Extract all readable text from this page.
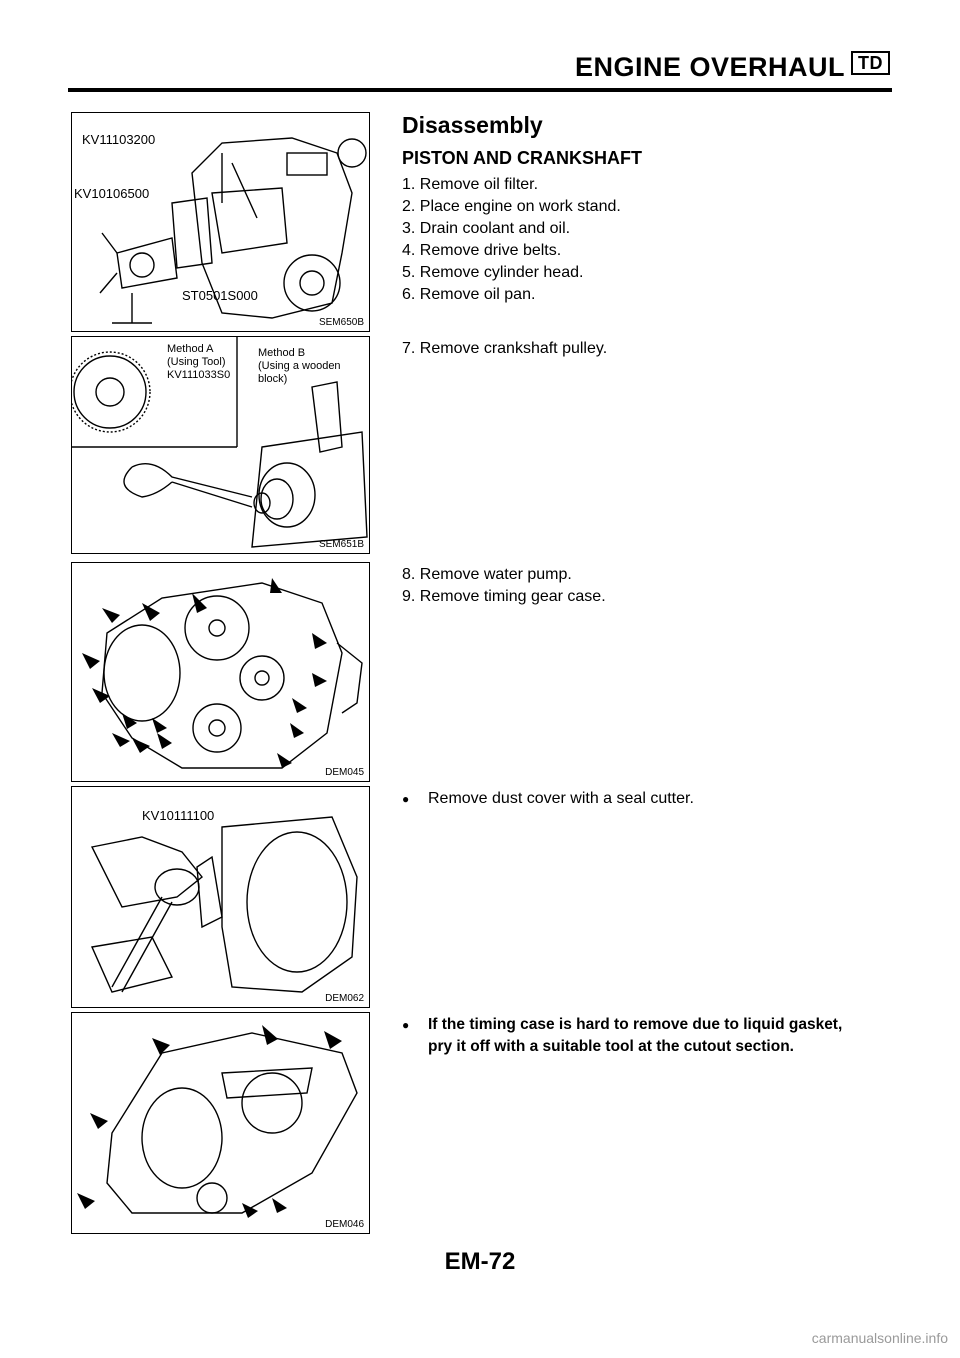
ENGINE OVERHAUL TD
KV11103200
KV10106500
ST0501S000
SEM650B
Method A
(Using Tool)
KV111033S0
Method B
(Using a wooden
block)
SEM651B
DEM045
KV10111100
DEM062
DEM046
Disassembly
PISTON AND CRANKSHAFT
1. Remove oil filter.
2. Place engine on work stand.
3. Drain coolant and oil.
4. Remove drive belts.
5. Remove cylinder head.
6. Remove oil pan.
7. Remove crankshaft pulley.
8. Remove water pump.
9. Remove timing gear case.
●	Remove dust cover with a seal cutter.
●	If the timing case is hard to remove due to liquid gasket,
pry it off with a suitable tool at the cutout section.
EM-72
carmanualsonline.info
